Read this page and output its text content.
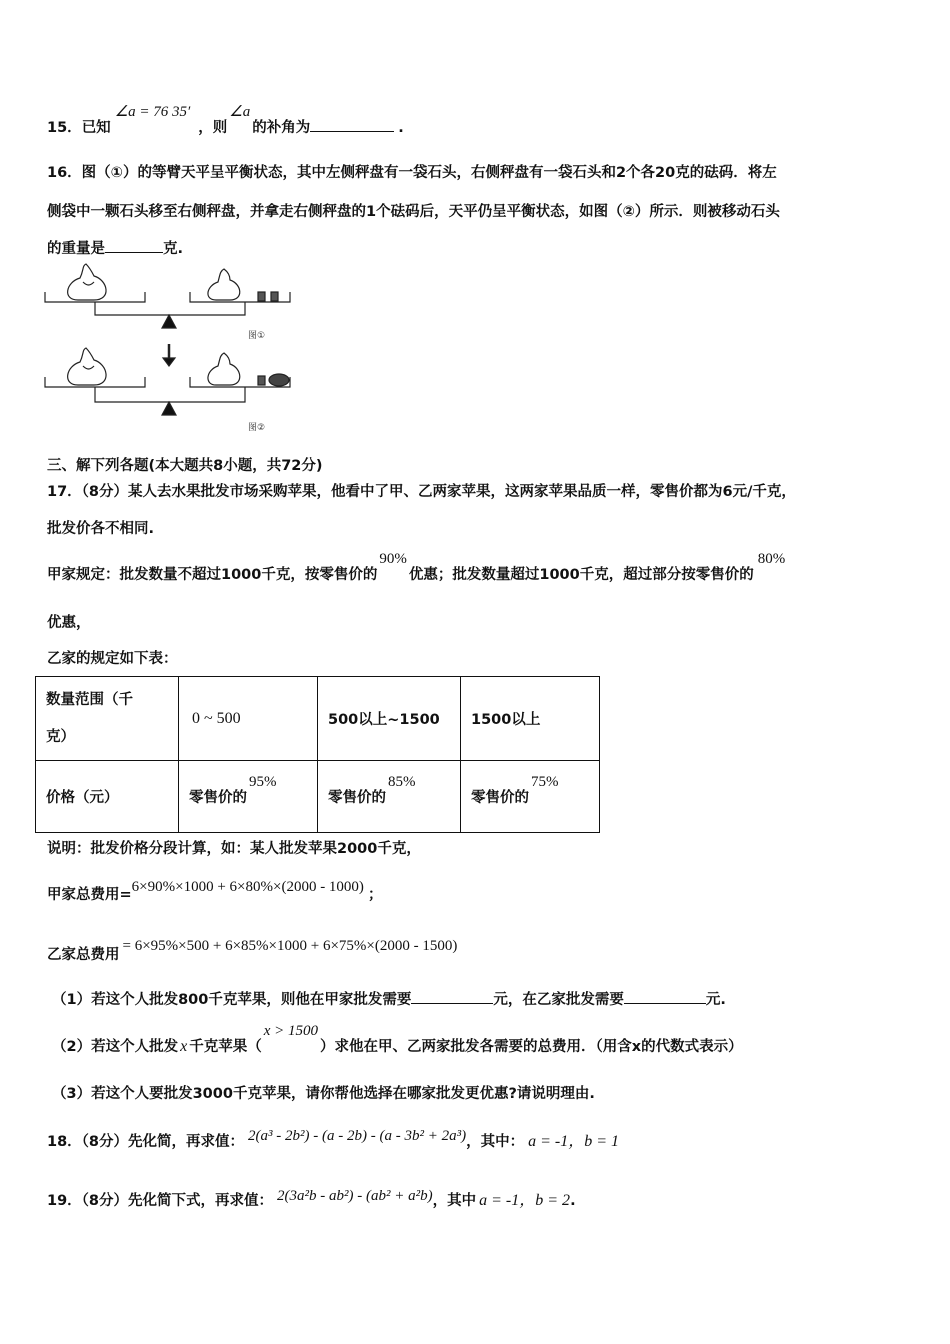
15．已知∠a = 76 35′，则∠a的补角为	.
16．图（①）的等臂天平呈平衡状态，其中左侧秤盘有一袋石头，右侧秤盘有一袋石头和2个各20克的砝码．将左
侧袋中一颗石头移至右侧秤盘，并拿走右侧秤盘的1个砝码后，天平仍呈平衡状态，如图（②）所示．则被移动石头
的重量是	克.
图①
图②
三、解下列各题(本大题共8小题，共72分)
17．（8分）某人去水果批发市场采购苹果，他看中了甲、乙两家苹果，这两家苹果品质一样，零售价都为6元/千克，
批发价各不相同.
甲家规定：批发数量不超过1000千克，按零售价的90%优惠；批发数量超过1000千克，超过部分按零售价的80%
优惠，
乙家的规定如下表：
数量范围（千
克）	0 ~ 500	500以上~1500	1500以上
价格（元）	零售价的95%	零售价的85%	零售价的75%
说明：批发价格分段计算，如：某人批发苹果2000千克，
甲家总费用=6×90%×1000 + 6×80%×(2000 - 1000) ；
乙家总费用= 6×95%×500 + 6×85%×1000 + 6×75%×(2000 - 1500)
（1）若这个人批发800千克苹果，则他在甲家批发需要	元，在乙家批发需要	元.
（2）若这个人批发 x 千克苹果（x > 1500）求他在甲、乙两家批发各需要的总费用．（用含x的代数式表示）
（3）若这个人要批发3000千克苹果，请你帮他选择在哪家批发更优惠?请说明理由.
18．（8分）先化简，再求值： 2(a³ - 2b²) - (a - 2b) - (a - 3b² + 2a³)，其中： a = -1，b = 1
19．（8分）先化简下式，再求值： 2(3a²b - ab²) - (ab² + a²b)，其中 a = -1，b = 2.
